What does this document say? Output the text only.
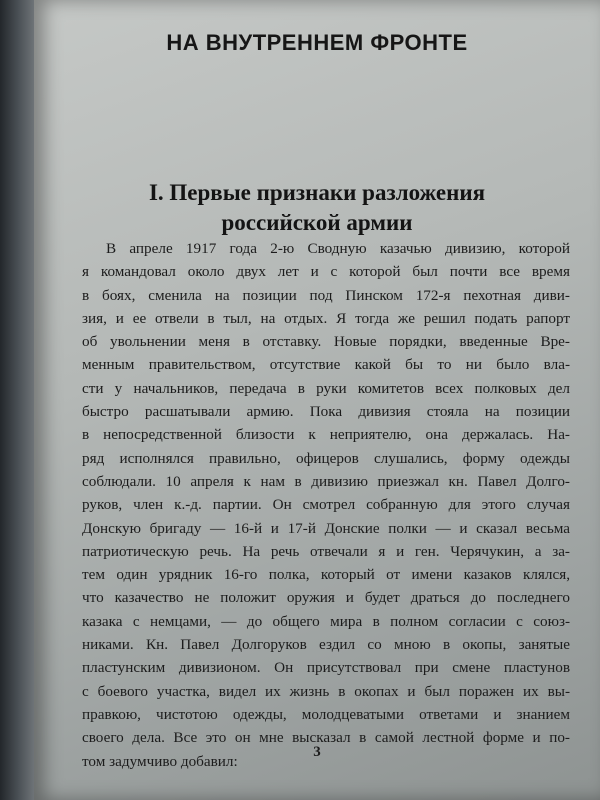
НА ВНУТРЕННЕМ ФРОНТЕ
I. Первые признаки разложения
российской армии
В апреле 1917 года 2-ю Сводную казачью дивизию, которой
я командовал около двух лет и с которой был почти все время
в боях, сменила на позиции под Пинском 172-я пехотная диви-
зия, и ее отвели в тыл, на отдых. Я тогда же решил подать рапорт
об увольнении меня в отставку. Новые порядки, введенные Вре-
менным правительством, отсутствие какой бы то ни было вла-
сти у начальников, передача в руки комитетов всех полковых дел
быстро расшатывали армию. Пока дивизия стояла на позиции
в непосредственной близости к неприятелю, она держалась. На-
ряд исполнялся правильно, офицеров слушались, форму одежды
соблюдали. 10 апреля к нам в дивизию приезжал кн. Павел Долго-
руков, член к.-д. партии. Он смотрел собранную для этого случая
Донскую бригаду — 16-й и 17-й Донские полки — и сказал весьма
патриотическую речь. На речь отвечали я и ген. Черячукин, а за-
тем один урядник 16-го полка, который от имени казаков клялся,
что казачество не положит оружия и будет драться до последнего
казака с немцами, — до общего мира в полном согласии с союз-
никами. Кн. Павел Долгоруков ездил со мною в окопы, занятые
пластунским дивизионом. Он присутствовал при смене пластунов
с боевого участка, видел их жизнь в окопах и был поражен их вы-
правкою, чистотою одежды, молодцеватыми ответами и знанием
своего дела. Все это он мне высказал в самой лестной форме и по-
том задумчиво добавил:
3
